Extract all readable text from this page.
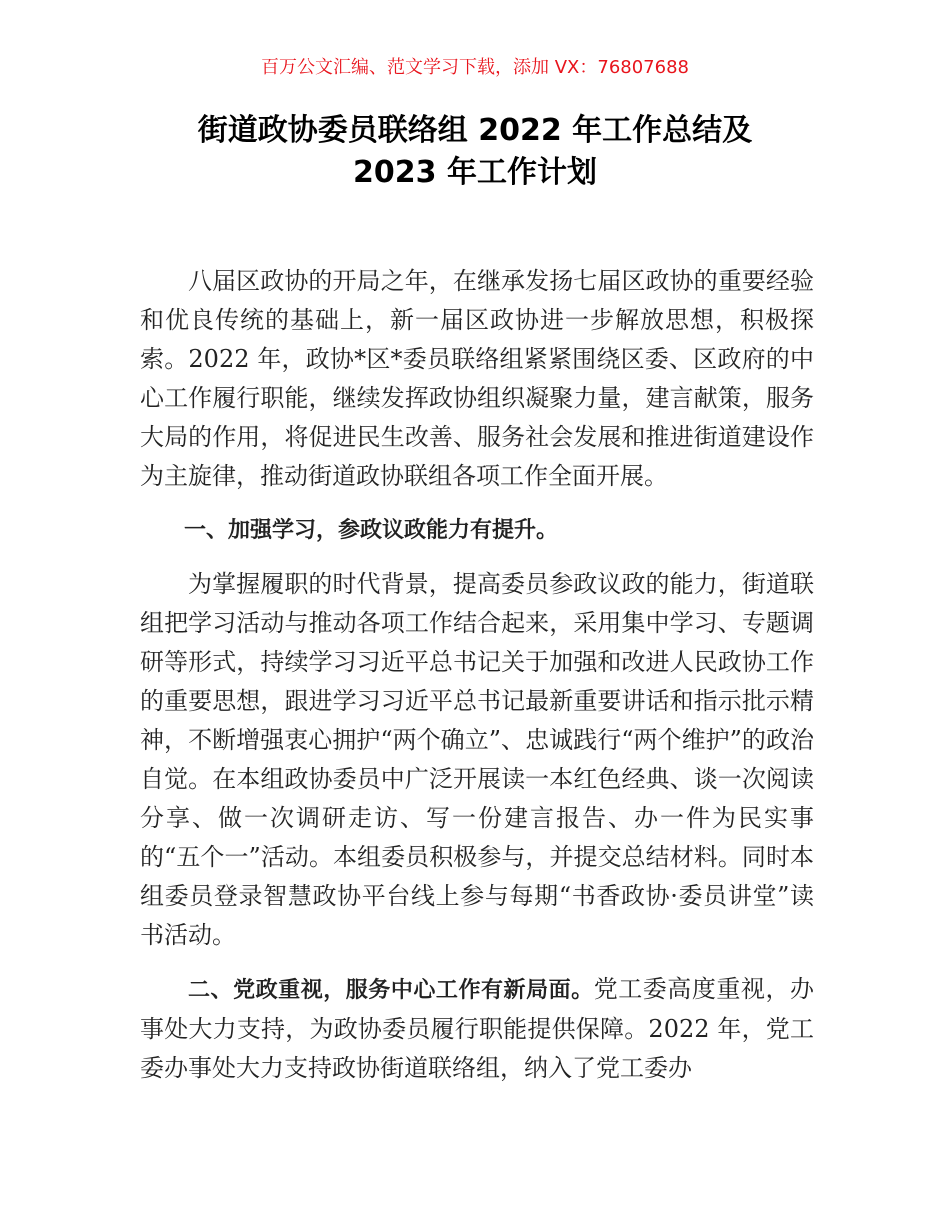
百万公文汇编、范文学习下载，添加 VX：76807688
街道政协委员联络组 2022 年工作总结及
2023 年工作计划

八届区政协的开局之年，在继承发扬七届区政协的重要经验和优良传统的基础上，新一届区政协进一步解放思想，积极探索。2022 年，政协*区*委员联络组紧紧围绕区委、区政府的中心工作履行职能，继续发挥政协组织凝聚力量，建言献策，服务大局的作用，将促进民生改善、服务社会发展和推进街道建设作为主旋律，推动街道政协联组各项工作全面开展。

一、加强学习，参政议政能力有提升。

为掌握履职的时代背景，提高委员参政议政的能力，街道联组把学习活动与推动各项工作结合起来，采用集中学习、专题调研等形式，持续学习习近平总书记关于加强和改进人民政协工作的重要思想，跟进学习习近平总书记最新重要讲话和指示批示精神，不断增强衷心拥护“两个确立”、忠诚践行“两个维护”的政治自觉。在本组政协委员中广泛开展读一本红色经典、谈一次阅读分享、做一次调研走访、写一份建言报告、办一件为民实事的“五个一”活动。本组委员积极参与，并提交总结材料。同时本组委员登录智慧政协平台线上参与每期“书香政协·委员讲堂”读书活动。

二、党政重视，服务中心工作有新局面。党工委高度重视，办事处大力支持，为政协委员履行职能提供保障。2022 年，党工委办事处大力支持政协街道联络组，纳入了党工委办
